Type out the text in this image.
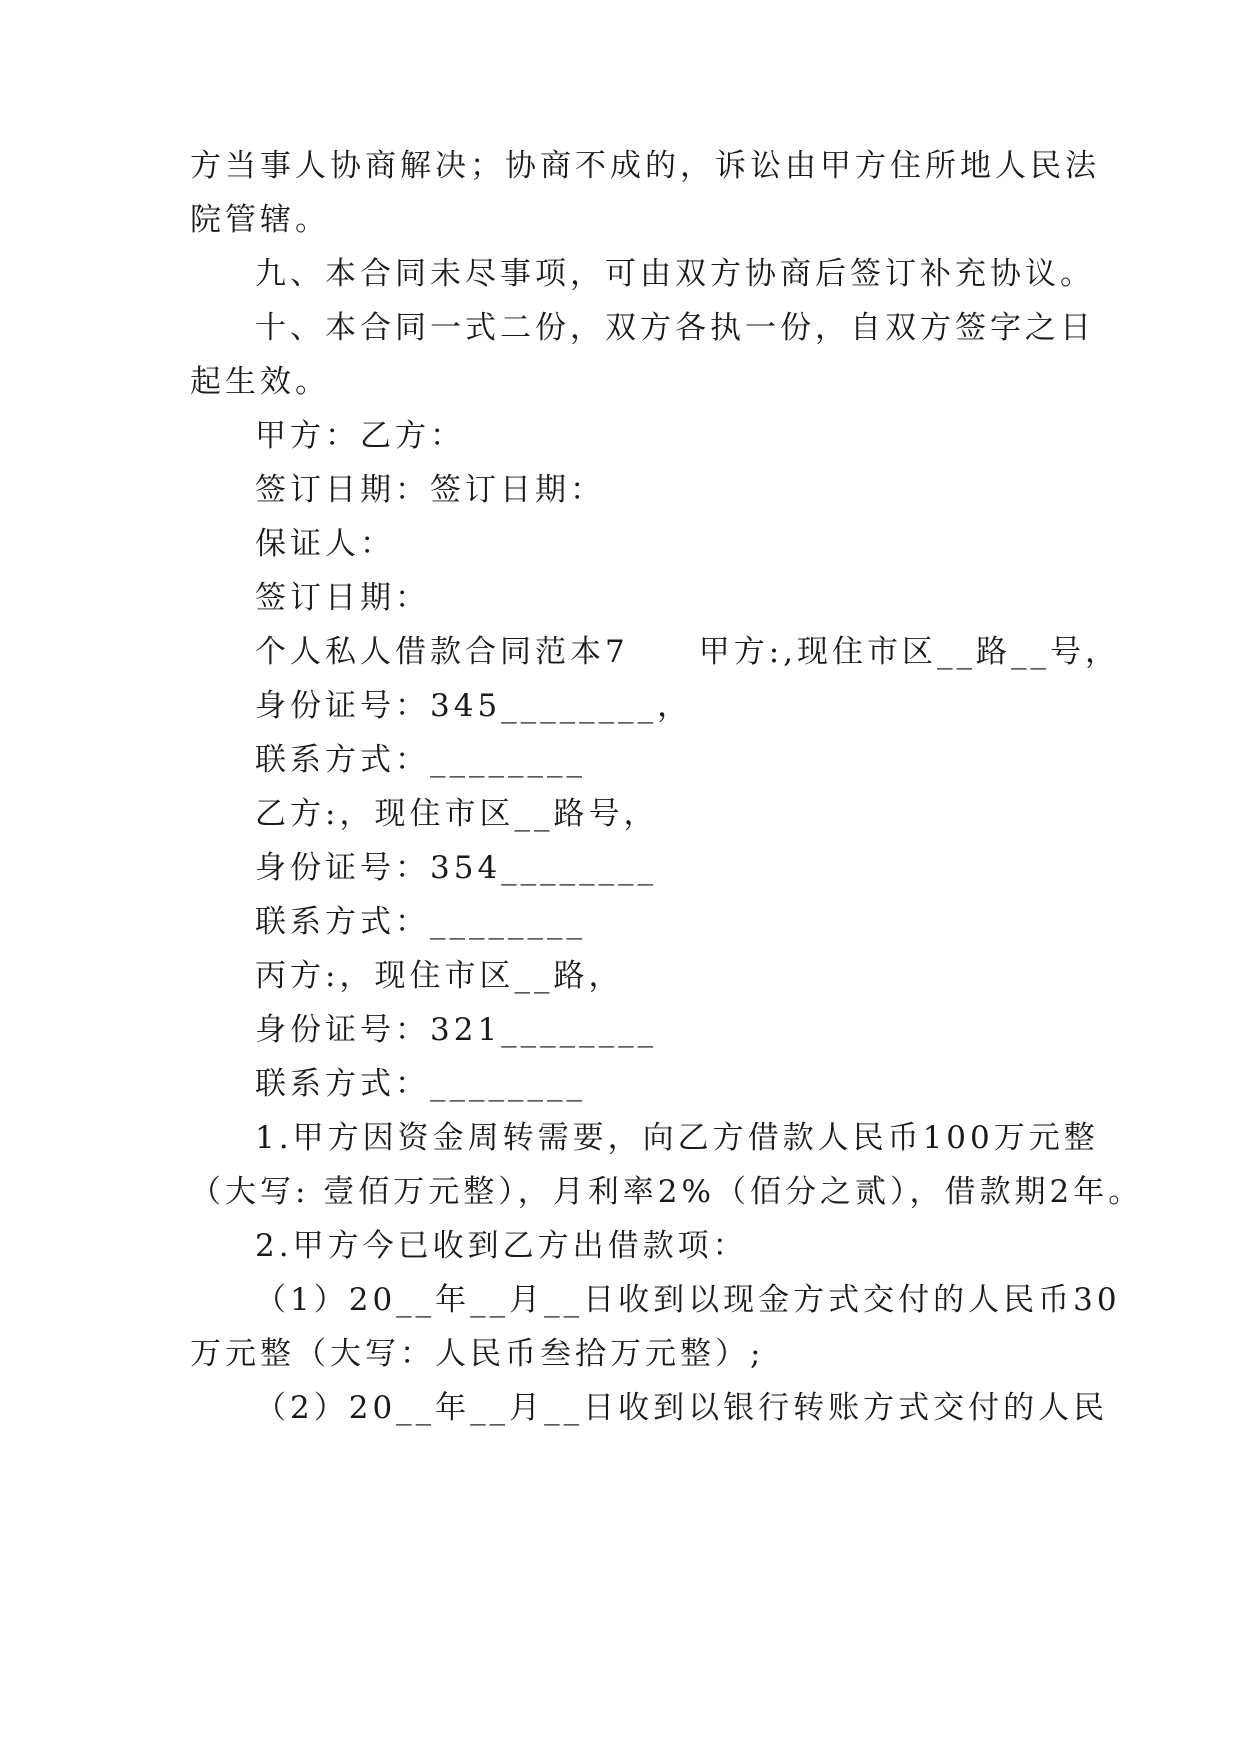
方当事人协商解决；协商不成的，诉讼由甲方住所地人民法
院管辖。
九、本合同未尽事项，可由双方协商后签订补充协议。
十、本合同一式二份，双方各执一份，自双方签字之日
起生效。
甲方：乙方：
签订日期：签订日期：
保证人：
签订日期：
个人私人借款合同范本7　　甲方:,现住市区__路__号，
身份证号：345________，
联系方式：________
乙方:，现住市区__路号，
身份证号：354________
联系方式：________
丙方:，现住市区__路，
身份证号：321________
联系方式：________
1.甲方因资金周转需要，向乙方借款人民币100万元整
（大写: 壹佰万元整），月利率2%（佰分之贰），借款期2年。
2.甲方今已收到乙方出借款项：
（1）20__年__月__日收到以现金方式交付的人民币30
万元整（大写：人民币叁拾万元整）;
（2）20__年__月__日收到以银行转账方式交付的人民
